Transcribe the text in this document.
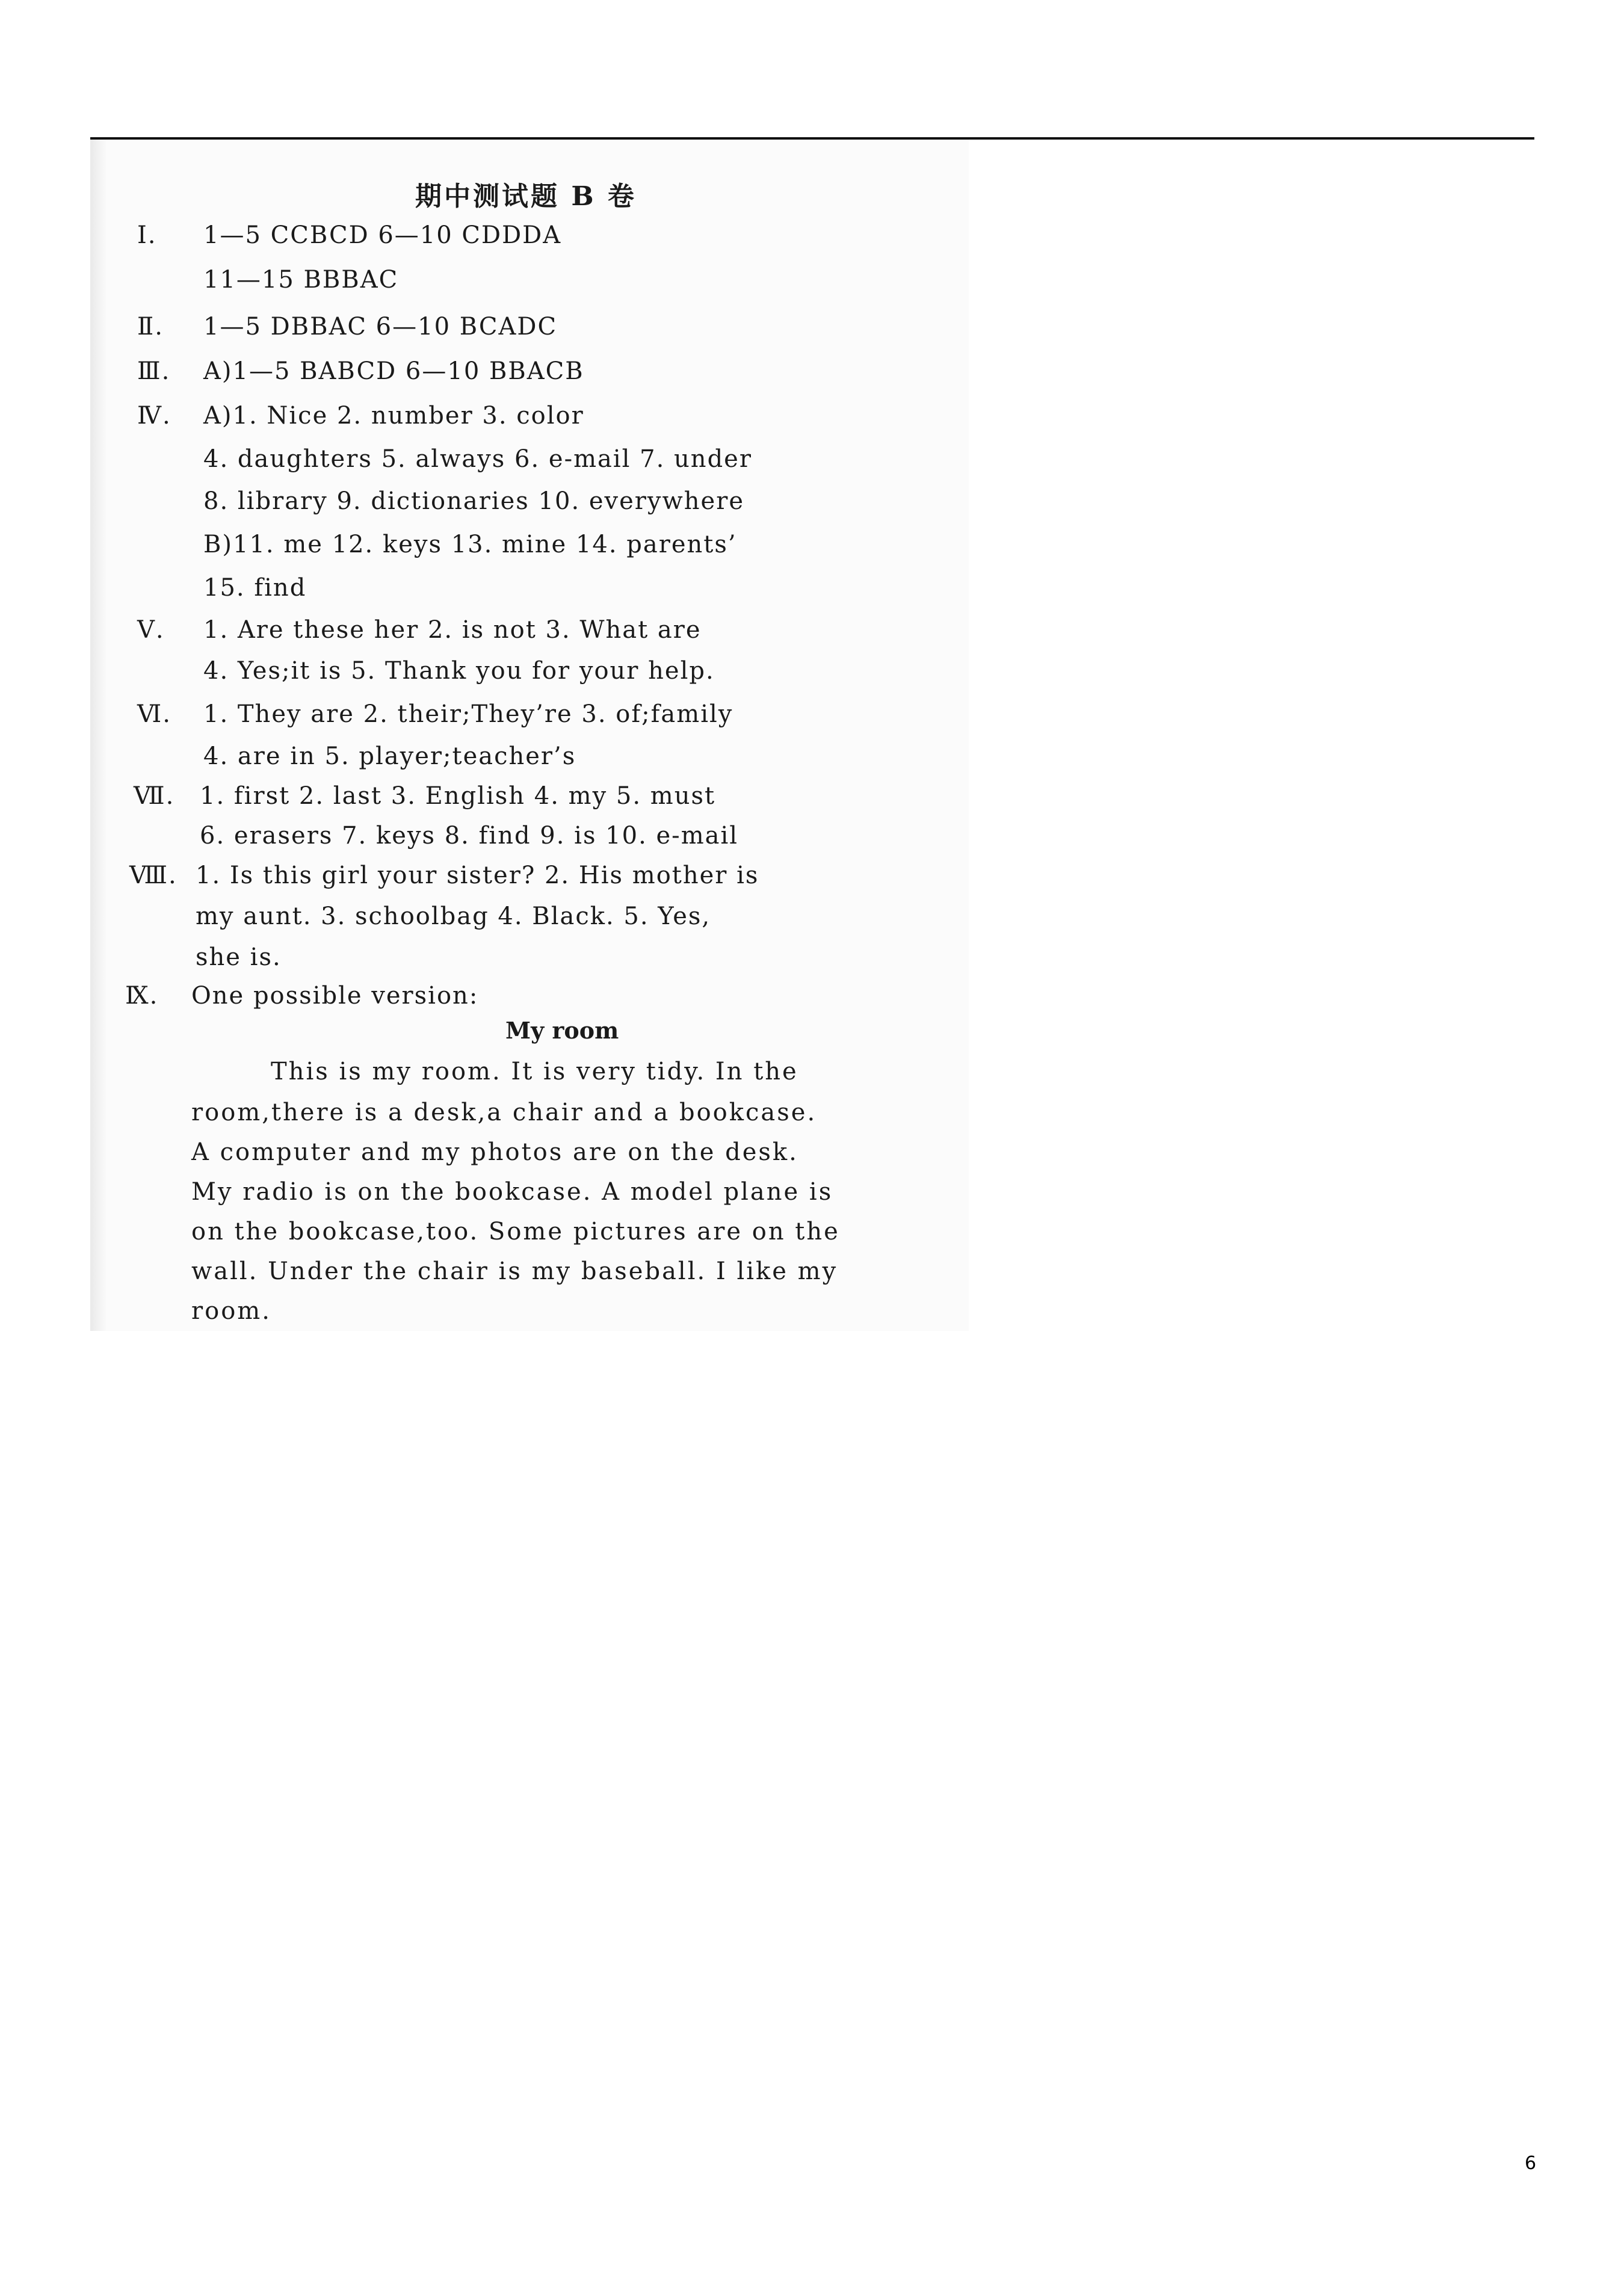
期中测试题 B 卷
Ⅰ. 1—5 CCBCD 6—10 CDDDA
11—15 BBBAC
Ⅱ. 1—5 DBBAC 6—10 BCADC
Ⅲ. A)1—5 BABCD 6—10 BBACB
Ⅳ. A)1. Nice 2. number 3. color
4. daughters 5. always 6. e-mail 7. under
8. library 9. dictionaries 10. everywhere
B)11. me 12. keys 13. mine 14. parents’
15. find
Ⅴ. 1. Are these her 2. is not 3. What are
4. Yes;it is 5. Thank you for your help.
Ⅵ. 1. They are 2. their;They’re 3. of;family
4. are in 5. player;teacher’s
Ⅶ. 1. first 2. last 3. English 4. my 5. must
6. erasers 7. keys 8. find 9. is 10. e-mail
Ⅷ. 1. Is this girl your sister? 2. His mother is
my aunt. 3. schoolbag 4. Black. 5. Yes,
she is.
Ⅸ. One possible version:
My room
This is my room. It is very tidy. In the
room,there is a desk,a chair and a bookcase.
A computer and my photos are on the desk.
My radio is on the bookcase. A model plane is
on the bookcase,too. Some pictures are on the
wall. Under the chair is my baseball. I like my
room.
6
